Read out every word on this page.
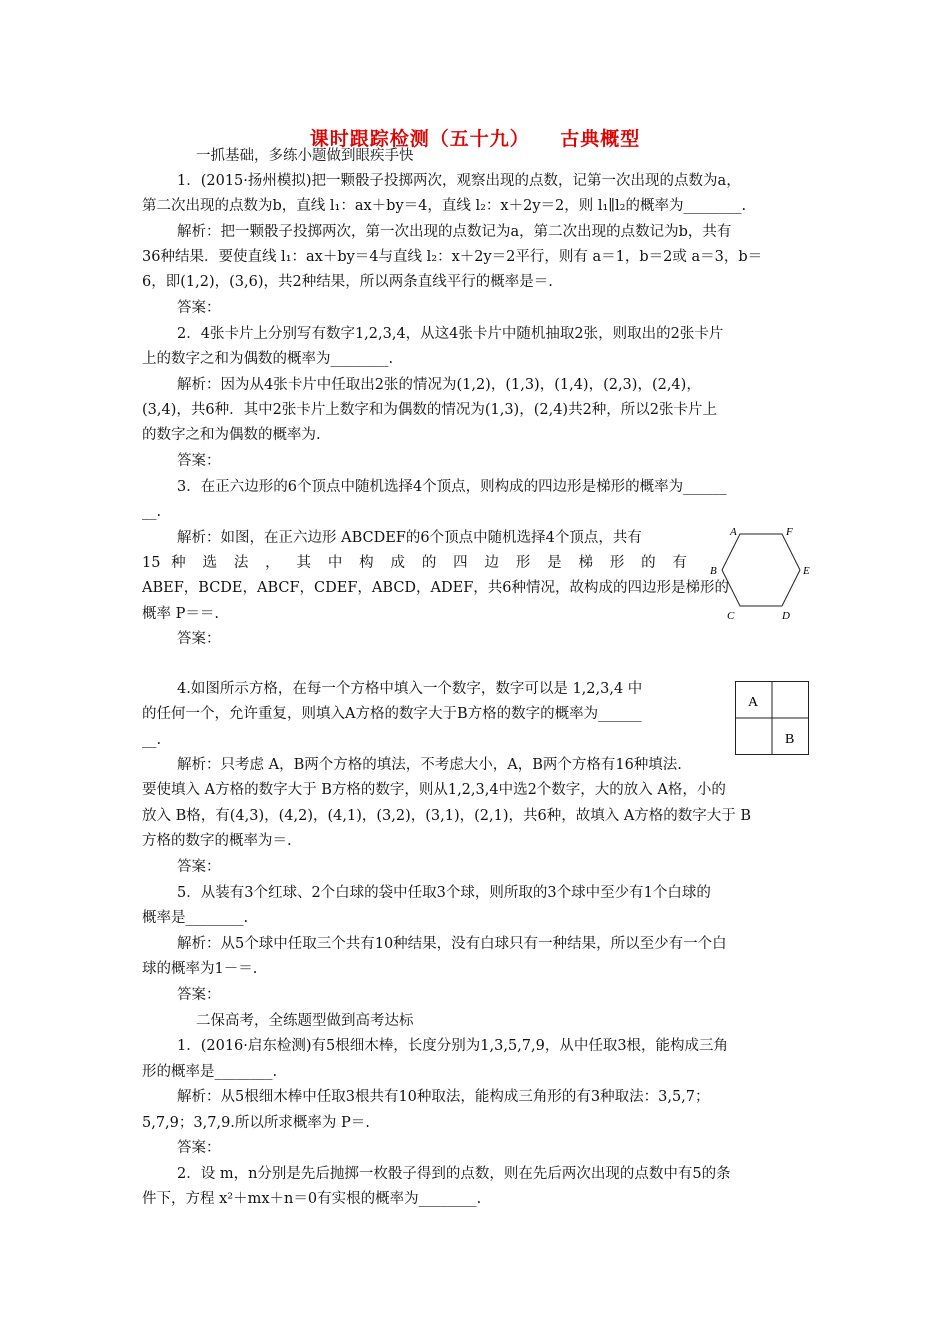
课时跟踪检测（五十九）    古典概型
一抓基础，多练小题做到眼疾手快
1．(2015·扬州模拟)把一颗骰子投掷两次，观察出现的点数，记第一次出现的点数为a，
第二次出现的点数为b，直线 l₁：ax＋by＝4，直线 l₂：x＋2y＝2，则 l₁∥l₂的概率为________.
解析：把一颗骰子投掷两次，第一次出现的点数记为a，第二次出现的点数记为b，共有
36种结果．要使直线 l₁：ax＋by＝4与直线 l₂：x＋2y＝2平行，则有 a＝1，b＝2或 a＝3，b＝
6，即(1,2)，(3,6)，共2种结果，所以两条直线平行的概率是＝.
答案：
2．4张卡片上分别写有数字1,2,3,4，从这4张卡片中随机抽取2张，则取出的2张卡片
上的数字之和为偶数的概率为________.
解析：因为从4张卡片中任取出2张的情况为(1,2)，(1,3)，(1,4)，(2,3)，(2,4)，
(3,4)，共6种．其中2张卡片上数字和为偶数的情况为(1,3)，(2,4)共2种，所以2张卡片上
的数字之和为偶数的概率为.
答案：
3．在正六边形的6个顶点中随机选择4个顶点，则构成的四边形是梯形的概率为______
__.
解析：如图，在正六边形 ABCDEF的6个顶点中随机选择4个顶点，共有
15 种 选 法 ， 其 中 构 成 的 四 边 形 是 梯 形 的 有
ABEF，BCDE，ABCF，CDEF，ABCD，ADEF，共6种情况，故构成的四边形是梯形的
概率 P＝＝.
答案：
A	F
B	E
C	D
4.如图所示方格，在每一个方格中填入一个数字，数字可以是 1,2,3,4 中
的任何一个，允许重复，则填入A方格的数字大于B方格的数字的概率为______
__.
解析：只考虑 A，B两个方格的填法，不考虑大小，A，B两个方格有16种填法.
要使填入 A方格的数字大于 B方格的数字，则从1,2,3,4中选2个数字，大的放入 A格，小的
放入 B格，有(4,3)，(4,2)，(4,1)，(3,2)，(3,1)，(2,1)，共6种，故填入 A方格的数字大于 B
方格的数字的概率为＝.
答案：
A
B
5．从装有3个红球、2个白球的袋中任取3个球，则所取的3个球中至少有1个白球的
概率是________.
解析：从5个球中任取三个共有10种结果，没有白球只有一种结果，所以至少有一个白
球的概率为1－＝.
答案：
二保高考，全练题型做到高考达标
1．(2016·启东检测)有5根细木棒，长度分别为1,3,5,7,9，从中任取3根，能构成三角
形的概率是________.
解析：从5根细木棒中任取3根共有10种取法，能构成三角形的有3种取法：3,5,7；
5,7,9；3,7,9.所以所求概率为 P＝.
答案：
2．设 m，n分别是先后抛掷一枚骰子得到的点数，则在先后两次出现的点数中有5的条
件下，方程 x²＋mx＋n＝0有实根的概率为________.
